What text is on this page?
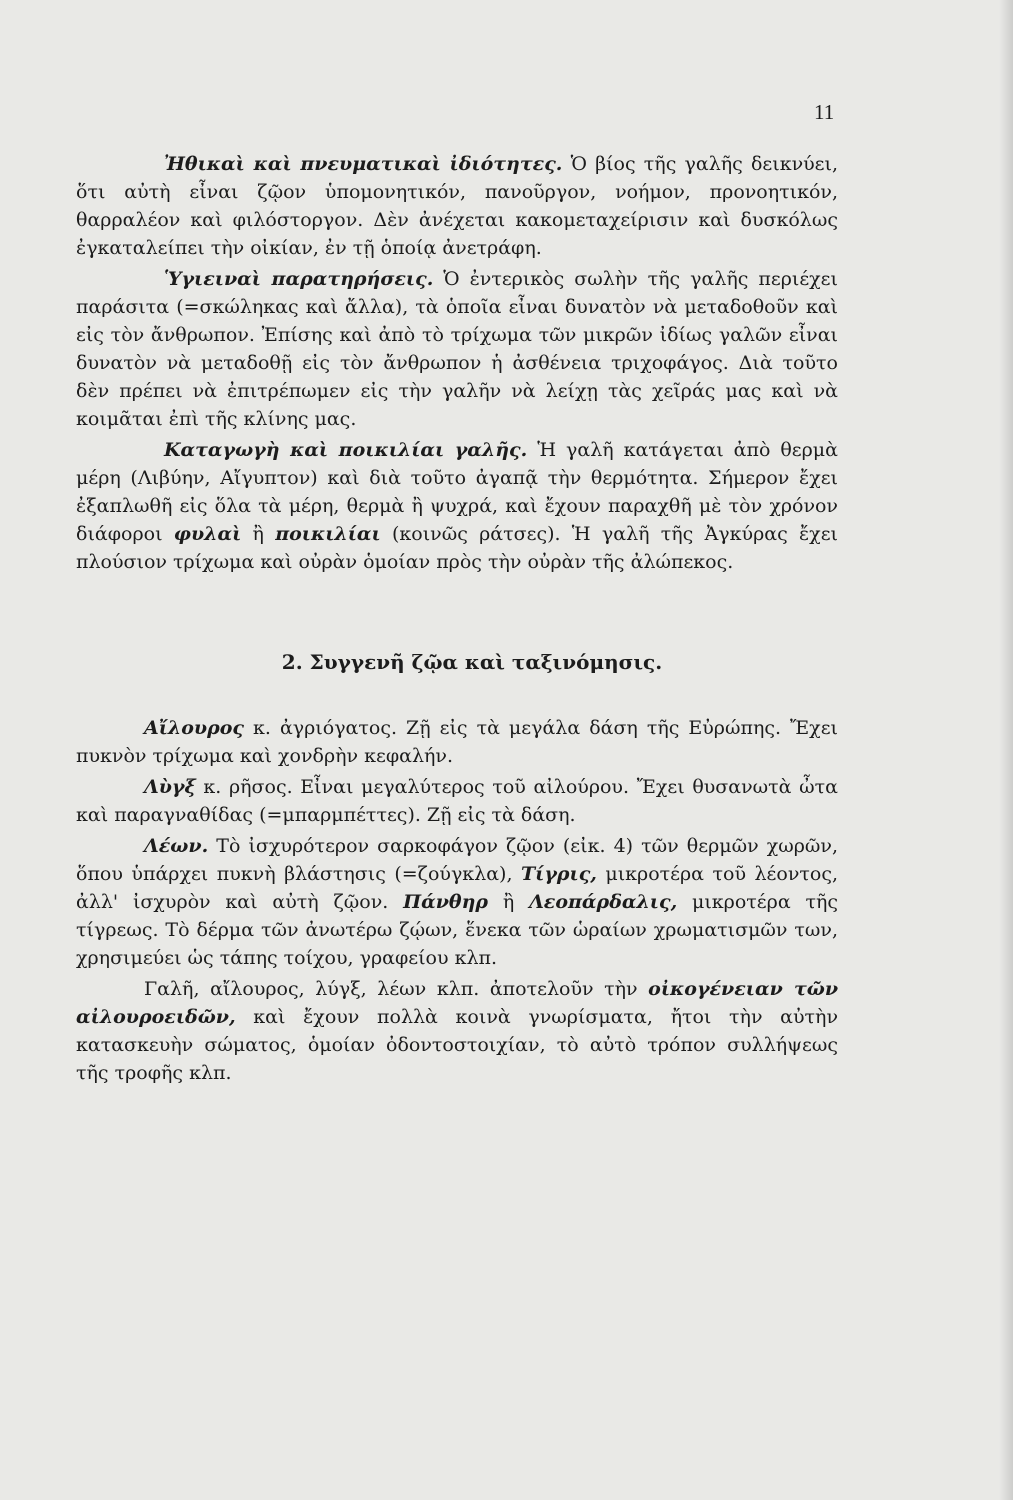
11

Ἠθικαὶ καὶ πνευματικαὶ ἰδιότητες. Ὁ βίος τῆς γαλῆς δεικνύει, ὅτι αὐτὴ εἶναι ζῷον ὑπομονητικόν, πανοῦργον, νοήμον, προνοητικόν, θαρραλέον καὶ φιλόστοργον. Δὲν ἀνέχεται κακομεταχείρισιν καὶ δυσκόλως ἐγκαταλείπει τὴν οἰκίαν, ἐν τῇ ὁποίᾳ ἀνετράφη.

Ὑγιειναὶ παρατηρήσεις. Ὁ ἐντερικὸς σωλὴν τῆς γαλῆς περιέχει παράσιτα (=σκώληκας καὶ ἄλλα), τὰ ὁποῖα εἶναι δυνατὸν νὰ μεταδοθοῦν καὶ εἰς τὸν ἄνθρωπον. Ἐπίσης καὶ ἀπὸ τὸ τρίχωμα τῶν μικρῶν ἰδίως γαλῶν εἶναι δυνατὸν νὰ μεταδοθῇ εἰς τὸν ἄνθρωπον ἡ ἀσθένεια τριχοφάγος. Διὰ τοῦτο δὲν πρέπει νὰ ἐπιτρέπωμεν εἰς τὴν γαλῆν νὰ λείχῃ τὰς χεῖράς μας καὶ νὰ κοιμᾶται ἐπὶ τῆς κλίνης μας.

Καταγωγὴ καὶ ποικιλίαι γαλῆς. Ἡ γαλῆ κατάγεται ἀπὸ θερμὰ μέρη (Λιβύην, Αἴγυπτον) καὶ διὰ τοῦτο ἀγαπᾷ τὴν θερμότητα. Σήμερον ἔχει ἐξαπλωθῆ εἰς ὅλα τὰ μέρη, θερμὰ ἢ ψυχρά, καὶ ἔχουν παραχθῆ μὲ τὸν χρόνον διάφοροι φυλαὶ ἢ ποικιλίαι (κοινῶς ράτσες). Ἡ γαλῆ τῆς Ἀγκύρας ἔχει πλούσιον τρίχωμα καὶ οὐρὰν ὁμοίαν πρὸς τὴν οὐρὰν τῆς ἀλώπεκος.

2. Συγγενῆ ζῷα καὶ ταξινόμησις.

Αἴλουρος κ. ἀγριόγατος. Ζῇ εἰς τὰ μεγάλα δάση τῆς Εὐρώπης. Ἔχει πυκνὸν τρίχωμα καὶ χονδρὴν κεφαλήν.

Λὺγξ κ. ρῆσος. Εἶναι μεγαλύτερος τοῦ αἰλούρου. Ἔχει θυσανωτὰ ὦτα καὶ παραγναθίδας (=μπαρμπέττες). Ζῇ εἰς τὰ δάση.

Λέων. Τὸ ἰσχυρότερον σαρκοφάγον ζῷον (εἰκ. 4) τῶν θερμῶν χωρῶν, ὅπου ὑπάρχει πυκνὴ βλάστησις (=ζούγκλα), Τίγρις, μικροτέρα τοῦ λέοντος, ἀλλ' ἰσχυρὸν καὶ αὐτὴ ζῷον. Πάνθηρ ἢ Λεοπάρδαλις, μικροτέρα τῆς τίγρεως. Τὸ δέρμα τῶν ἀνωτέρω ζῴων, ἕνεκα τῶν ὡραίων χρωματισμῶν των, χρησιμεύει ὡς τάπης τοίχου, γραφείου κλπ.

Γαλῆ, αἴλουρος, λύγξ, λέων κλπ. ἀποτελοῦν τὴν οἰκογένειαν τῶν αἰλουροειδῶν, καὶ ἔχουν πολλὰ κοινὰ γνωρίσματα, ἤτοι τὴν αὐτὴν κατασκευὴν σώματος, ὁμοίαν ὀδοντοστοιχίαν, τὸ αὐτὸ τρόπον συλλήψεως τῆς τροφῆς κλπ.
